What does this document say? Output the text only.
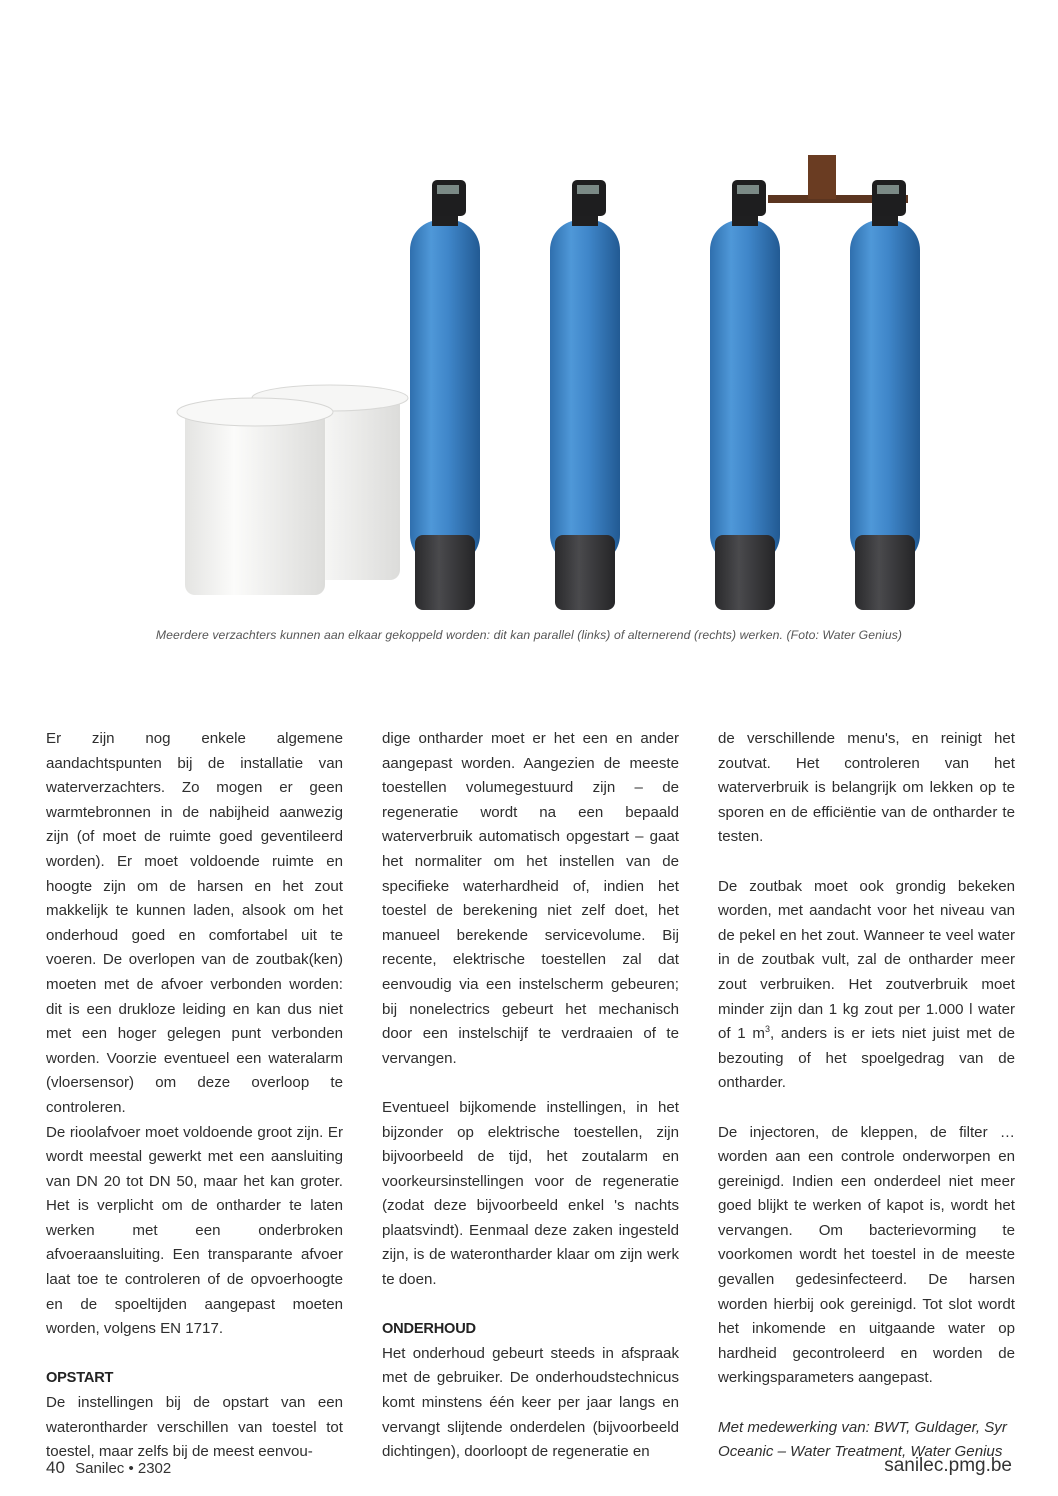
Meerdere verzachters kunnen aan elkaar gekoppeld worden: dit kan parallel (links) of alternerend (rechts) werken. (Foto: Water Genius)

Er zijn nog enkele algemene aandachtspunten bij de installatie van waterverzachters. Zo mogen er geen warmtebronnen in de nabijheid aanwezig zijn (of moet de ruimte goed geventileerd worden). Er moet voldoende ruimte en hoogte zijn om de harsen en het zout makkelijk te kunnen laden, alsook om het onderhoud goed en comfortabel uit te voeren. De overlopen van de zoutbak(ken) moeten met de afvoer verbonden worden: dit is een drukloze leiding en kan dus niet met een hoger gelegen punt verbonden worden. Voorzie eventueel een wateralarm (vloersensor) om deze overloop te controleren.

De rioolafvoer moet voldoende groot zijn. Er wordt meestal gewerkt met een aansluiting van DN 20 tot DN 50, maar het kan groter. Het is verplicht om de ontharder te laten werken met een onderbroken afvoeraansluiting. Een transparante afvoer laat toe te controleren of de opvoerhoogte en de spoeltijden aangepast moeten worden, volgens EN 1717.

OPSTART

De instellingen bij de opstart van een waterontharder verschillen van toestel tot toestel, maar zelfs bij de meest eenvou-

dige ontharder moet er het een en ander aangepast worden. Aangezien de meeste toestellen volumegestuurd zijn – de regeneratie wordt na een bepaald waterverbruik automatisch opgestart – gaat het normaliter om het instellen van de specifieke waterhardheid of, indien het toestel de berekening niet zelf doet, het manueel berekende servicevolume. Bij recente, elektrische toestellen zal dat eenvoudig via een instelscherm gebeuren; bij nonelectrics gebeurt het mechanisch door een instelschijf te verdraaien of te vervangen.

Eventueel bijkomende instellingen, in het bijzonder op elektrische toestellen, zijn bijvoorbeeld de tijd, het zoutalarm en voorkeursinstellingen voor de regeneratie (zodat deze bijvoorbeeld enkel 's nachts plaatsvindt). Eenmaal deze zaken ingesteld zijn, is de waterontharder klaar om zijn werk te doen.

ONDERHOUD

Het onderhoud gebeurt steeds in afspraak met de gebruiker. De onderhoudstechnicus komt minstens één keer per jaar langs en vervangt slijtende onderdelen (bijvoorbeeld dichtingen), doorloopt de regeneratie en

de verschillende menu's, en reinigt het zoutvat. Het controleren van het waterverbruik is belangrijk om lekken op te sporen en de efficiëntie van de ontharder te testen.

De zoutbak moet ook grondig bekeken worden, met aandacht voor het niveau van de pekel en het zout. Wanneer te veel water in de zoutbak vult, zal de ontharder meer zout verbruiken. Het zoutverbruik moet minder zijn dan 1 kg zout per 1.000 l water of 1 $m^3$, anders is er iets niet juist met de bezouting of het spoelgedrag van de ontharder.

De injectoren, de kleppen, de filter … worden aan een controle onderworpen en gereinigd. Indien een onderdeel niet meer goed blijkt te werken of kapot is, wordt het vervangen. Om bacterievorming te voorkomen wordt het toestel in de meeste gevallen gedesinfecteerd. De harsen worden hierbij ook gereinigd. Tot slot wordt het inkomende en uitgaande water op hardheid gecontroleerd en worden de werkingsparameters aangepast.

Met medewerking van: BWT, Guldager, Syr Oceanic – Water Treatment, Water Genius

40 Sanilec • 2302	sanilec.pmg.be
